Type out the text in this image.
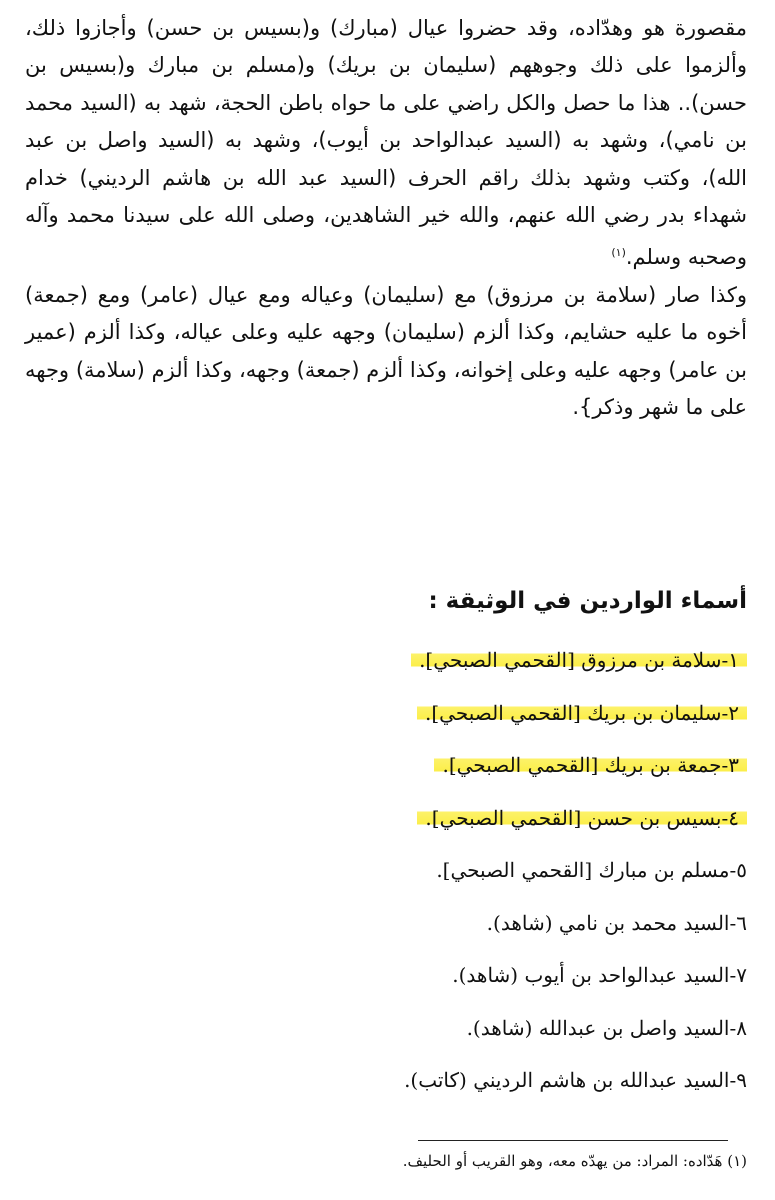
مقصورة هو وهدّاده، وقد حضروا عيال (مبارك) و(بسيس بن حسن) وأجازوا ذلك، وألزموا على ذلك وجوههم (سليمان بن بريك) و(مسلم بن مبارك و(بسيس بن حسن).. هذا ما حصل والكل راضي على ما حواه باطن الحجة، شهد به (السيد محمد بن نامي)، وشهد به (السيد عبدالواحد بن أيوب)، وشهد به (السيد واصل بن عبد الله)، وكتب وشهد بذلك راقم الحرف (السيد عبد الله بن هاشم الرديني) خدام شهداء بدر رضي الله عنهم، والله خير الشاهدين، وصلى الله على سيدنا محمد وآله وصحبه وسلم.$^{(١)}$

وكذا صار (سلامة بن مرزوق) مع (سليمان) وعياله ومع عيال (عامر) ومع (جمعة) أخوه ما عليه حشايم، وكذا ألزم (سليمان) وجهه عليه وعلى عياله، وكذا ألزم (عمير بن عامر) وجهه عليه وعلى إخوانه، وكذا ألزم (جمعة) وجهه، وكذا ألزم (سلامة) وجهه على ما شهر وذكر}.

أسماء الواردين في الوثيقة :
١-سلامة بن مرزوق [القحمي الصبحي].
٢-سليمان بن بريك [القحمي الصبحي].
٣-جمعة بن بريك [القحمي الصبحي].
٤-بسيس بن حسن [القحمي الصبحي].
٥-مسلم بن مبارك [القحمي الصبحي].
٦-السيد محمد بن نامي (شاهد).
٧-السيد عبدالواحد بن أيوب (شاهد).
٨-السيد واصل بن عبدالله (شاهد).
٩-السيد عبدالله بن هاشم الرديني (كاتب).

(١) هَدّاده: المراد: من يهدّه معه، وهو القريب أو الحليف.
